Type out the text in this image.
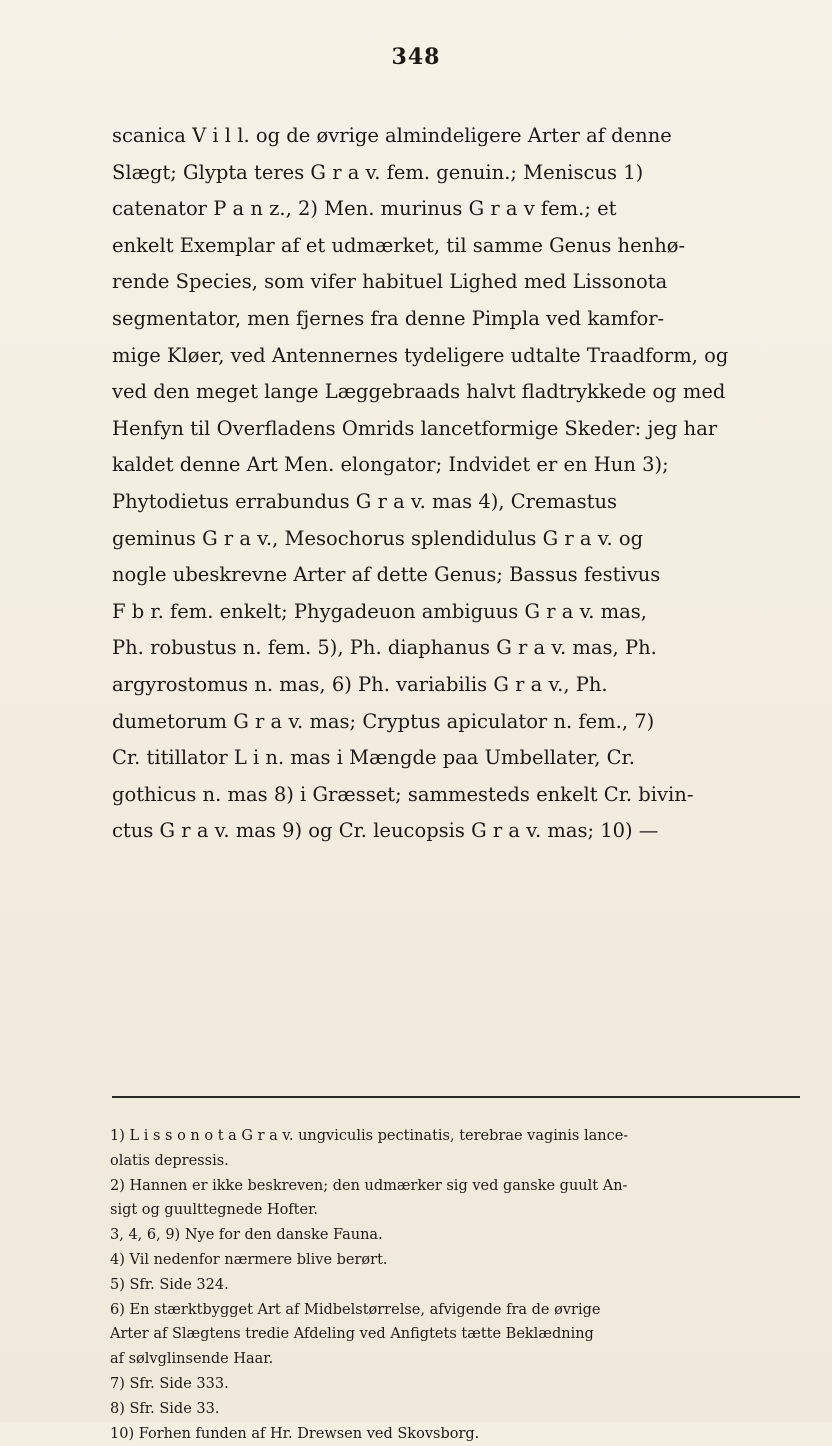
348
scanica V i l l. og de øvrige almindeligere Arter af denne
Slægt; Glypta teres G r a v. fem. genuin.; Meniscus 1)
catenator P a n z., 2) Men. murinus G r a v fem.; et
enkelt Exemplar af et udmærket, til samme Genus henhø-
rende Species, som vifer habituel Lighed med Lissonota
segmentator, men fjernes fra denne Pimpla ved kamfor-
mige Kløer, ved Antennernes tydeligere udtalte Traadform, og
ved den meget lange Læggebraads halvt fladtrykkede og med
Henfyn til Overfladens Omrids lancetformige Skeder: jeg har
kaldet denne Art Men. elongator; Indvidet er en Hun 3);
Phytodietus errabundus G r a v. mas 4), Cremastus
geminus G r a v., Mesochorus splendidulus G r a v. og
nogle ubeskrevne Arter af dette Genus; Bassus festivus
F b r. fem. enkelt; Phygadeuon ambiguus G r a v. mas,
Ph. robustus n. fem. 5), Ph. diaphanus G r a v. mas, Ph.
argyrostomus n. mas, 6) Ph. variabilis G r a v., Ph.
dumetorum G r a v. mas; Cryptus apiculator n. fem., 7)
Cr. titillator L i n. mas i Mængde paa Umbellater, Cr.
gothicus n. mas 8) i Græsset; sammesteds enkelt Cr. bivin-
ctus G r a v. mas 9) og Cr. leucopsis G r a v. mas; 10) —
1) L i s s o n o t a G r a v. ungviculis pectinatis, terebrae vaginis lance-
olatis depressis.
2) Hannen er ikke beskreven; den udmærker sig ved ganske guult An-
sigt og guulttegnede Hofter.
3, 4, 6, 9) Nye for den danske Fauna.
4) Vil nedenfor nærmere blive berørt.
5) Sfr. Side 324.
6) En stærktbygget Art af Midbelstørrelse, afvigende fra de øvrige
Arter af Slægtens tredie Afdeling ved Anfigtets tætte Beklædning
af sølvglinsende Haar.
7) Sfr. Side 333.
8) Sfr. Side 33.
10) Forhen funden af Hr. Drewsen ved Skovsborg.
